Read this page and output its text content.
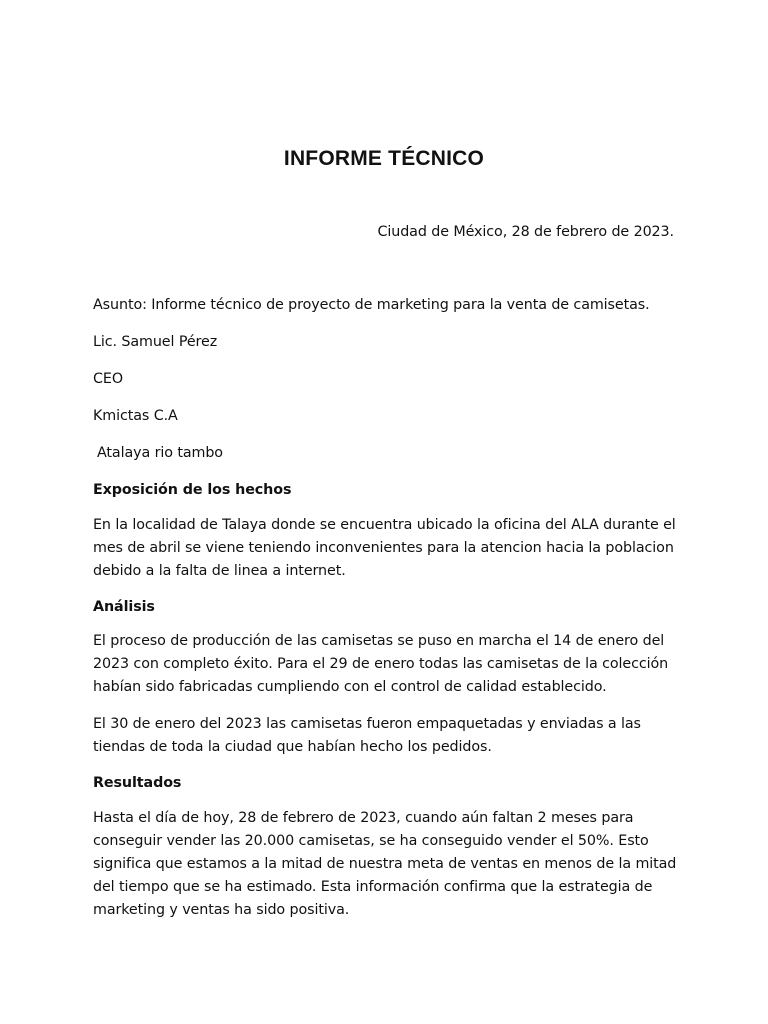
INFORME TÉCNICO
Ciudad de México, 28 de febrero de 2023.

Asunto: Informe técnico de proyecto de marketing para la venta de camisetas.

Lic. Samuel Pérez

CEO

Kmictas C.A

Atalaya rio tambo

Exposición de los hechos

En la localidad de Talaya donde se encuentra ubicado la oficina del ALA durante el mes de abril se viene teniendo inconvenientes para la atencion hacia la poblacion debido a la falta de linea a internet.

Análisis

El proceso de producción de las camisetas se puso en marcha el 14 de enero del 2023 con completo éxito. Para el 29 de enero todas las camisetas de la colección habían sido fabricadas cumpliendo con el control de calidad establecido.

El 30 de enero del 2023 las camisetas fueron empaquetadas y enviadas a las tiendas de toda la ciudad que habían hecho los pedidos.

Resultados

Hasta el día de hoy, 28 de febrero de 2023, cuando aún faltan 2 meses para conseguir vender las 20.000 camisetas, se ha conseguido vender el 50%. Esto significa que estamos a la mitad de nuestra meta de ventas en menos de la mitad del tiempo que se ha estimado. Esta información confirma que la estrategia de marketing y ventas ha sido positiva.
